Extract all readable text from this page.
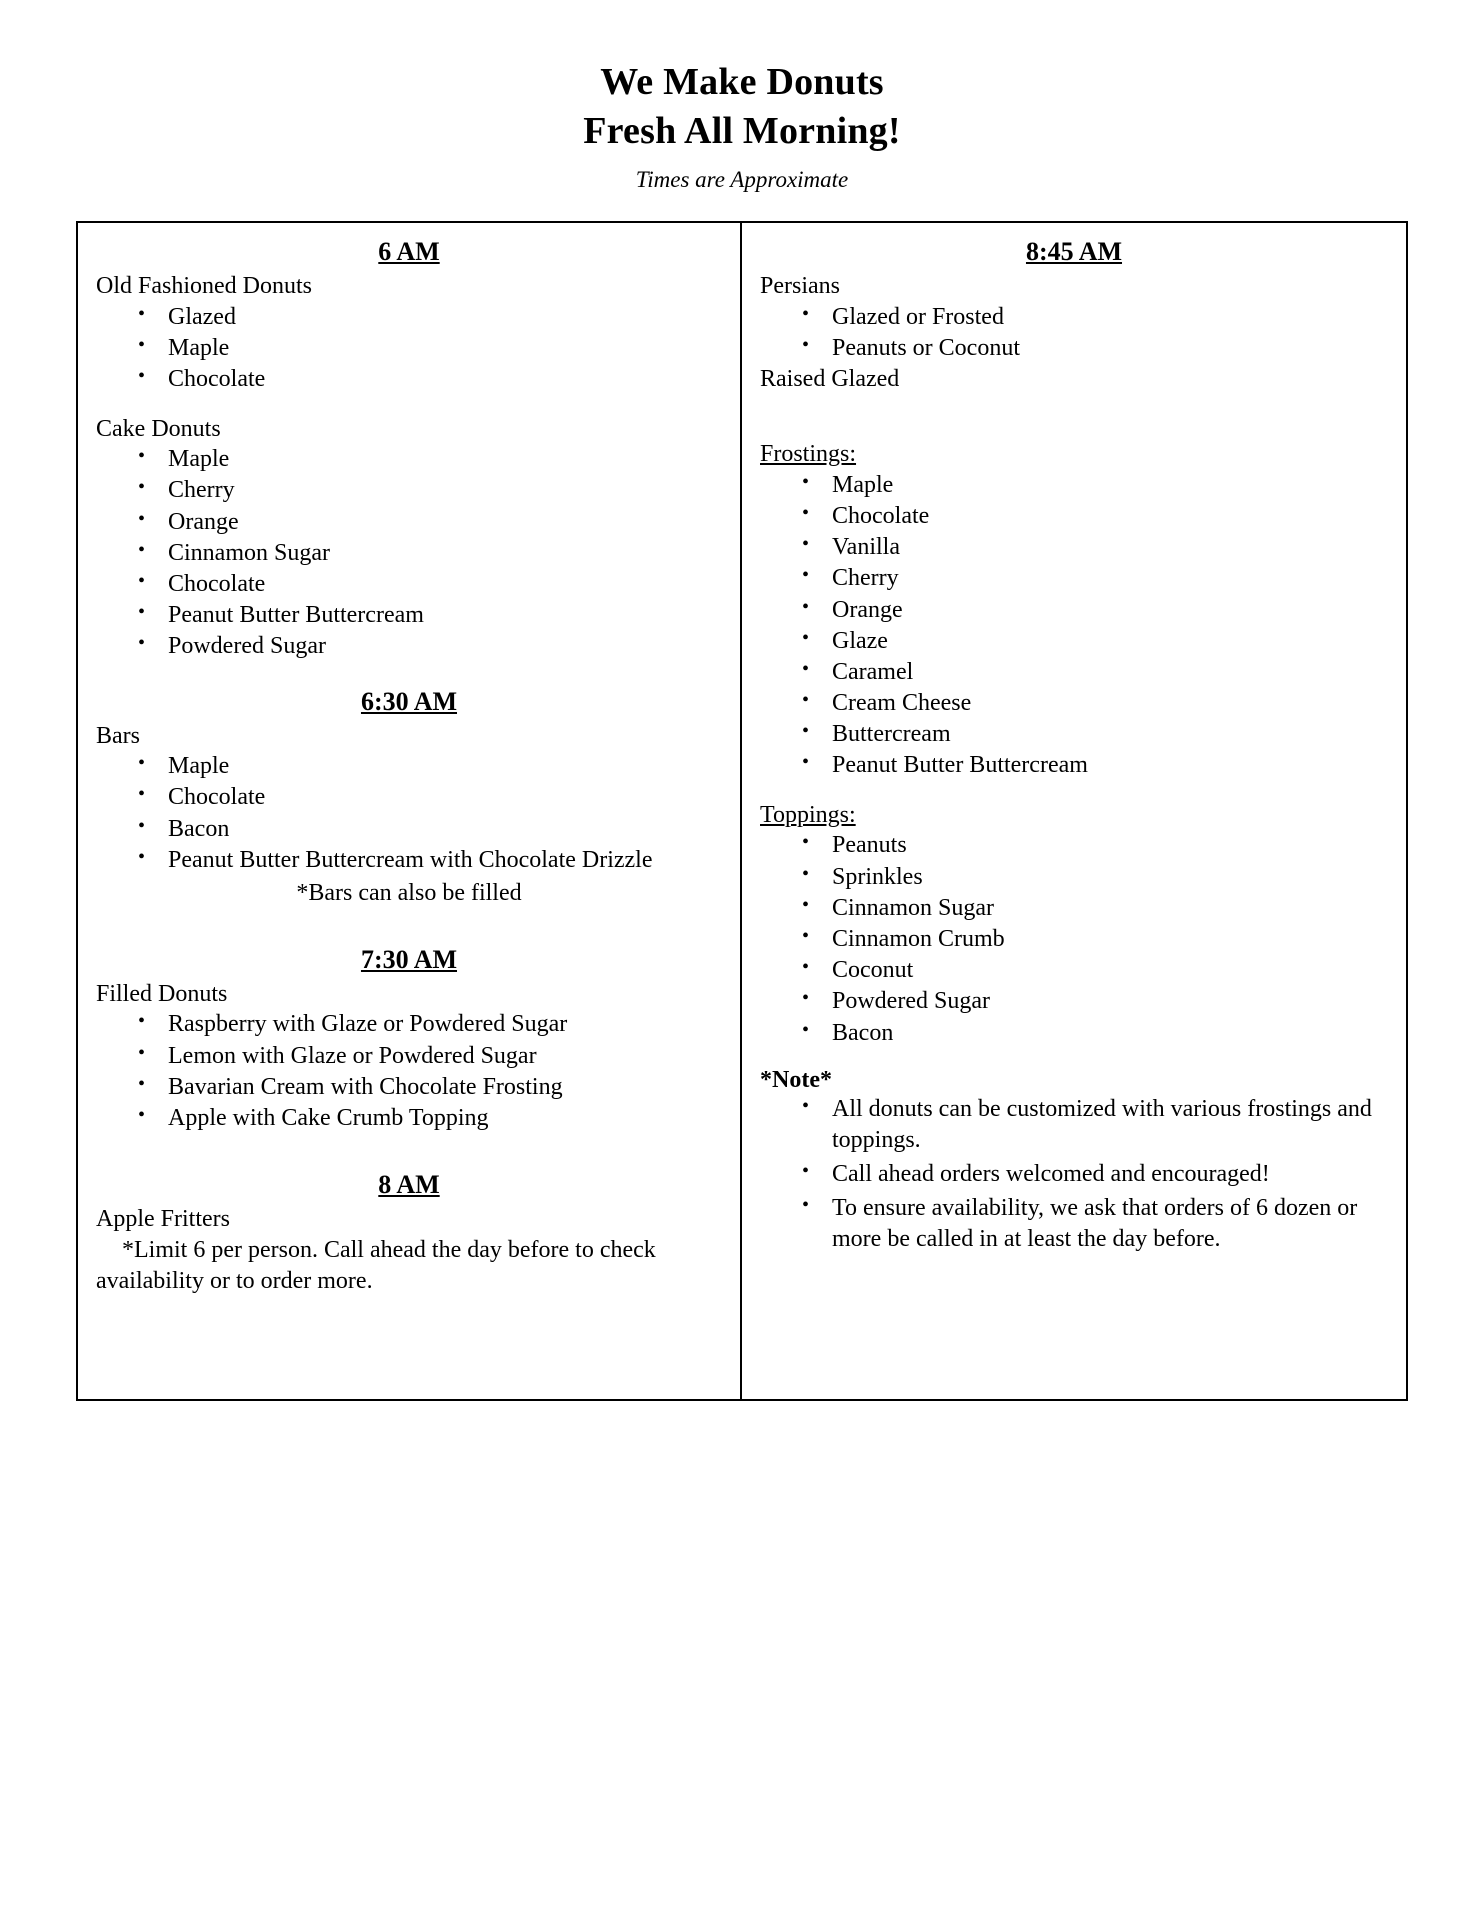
We Make Donuts
Fresh All Morning!
Times are Approximate
6 AM

Old Fashioned Donuts

• Glazed
• Maple
• Chocolate

Cake Donuts

• Maple
• Cherry
• Orange
• Cinnamon Sugar
• Chocolate
• Peanut Butter Buttercream
• Powdered Sugar
6:30 AM

Bars

• Maple
• Chocolate
• Bacon
• Peanut Butter Buttercream with Chocolate Drizzle

*Bars can also be filled

7:30 AM

Filled Donuts

• Raspberry with Glaze or Powdered Sugar
• Lemon with Glaze or Powdered Sugar
• Bavarian Cream with Chocolate Frosting
• Apple with Cake Crumb Topping
8 AM

Apple Fritters

*Limit 6 per person. Call ahead the day before to check availability or to order more.

8:45 AM

Persians

• Glazed or Frosted
• Peanuts or Coconut

Raised Glazed

Frostings:

• Maple
• Chocolate
• Vanilla
• Cherry
• Orange
• Glaze
• Caramel
• Cream Cheese
• Buttercream
• Peanut Butter Buttercream

Toppings:

• Peanuts
• Sprinkles
• Cinnamon Sugar
• Cinnamon Crumb
• Coconut
• Powdered Sugar
• Bacon

*Note*

• All donuts can be customized with various frostings and toppings.
• Call ahead orders welcomed and encouraged!
• To ensure availability, we ask that orders of 6 dozen or more be called in at least the day before.
